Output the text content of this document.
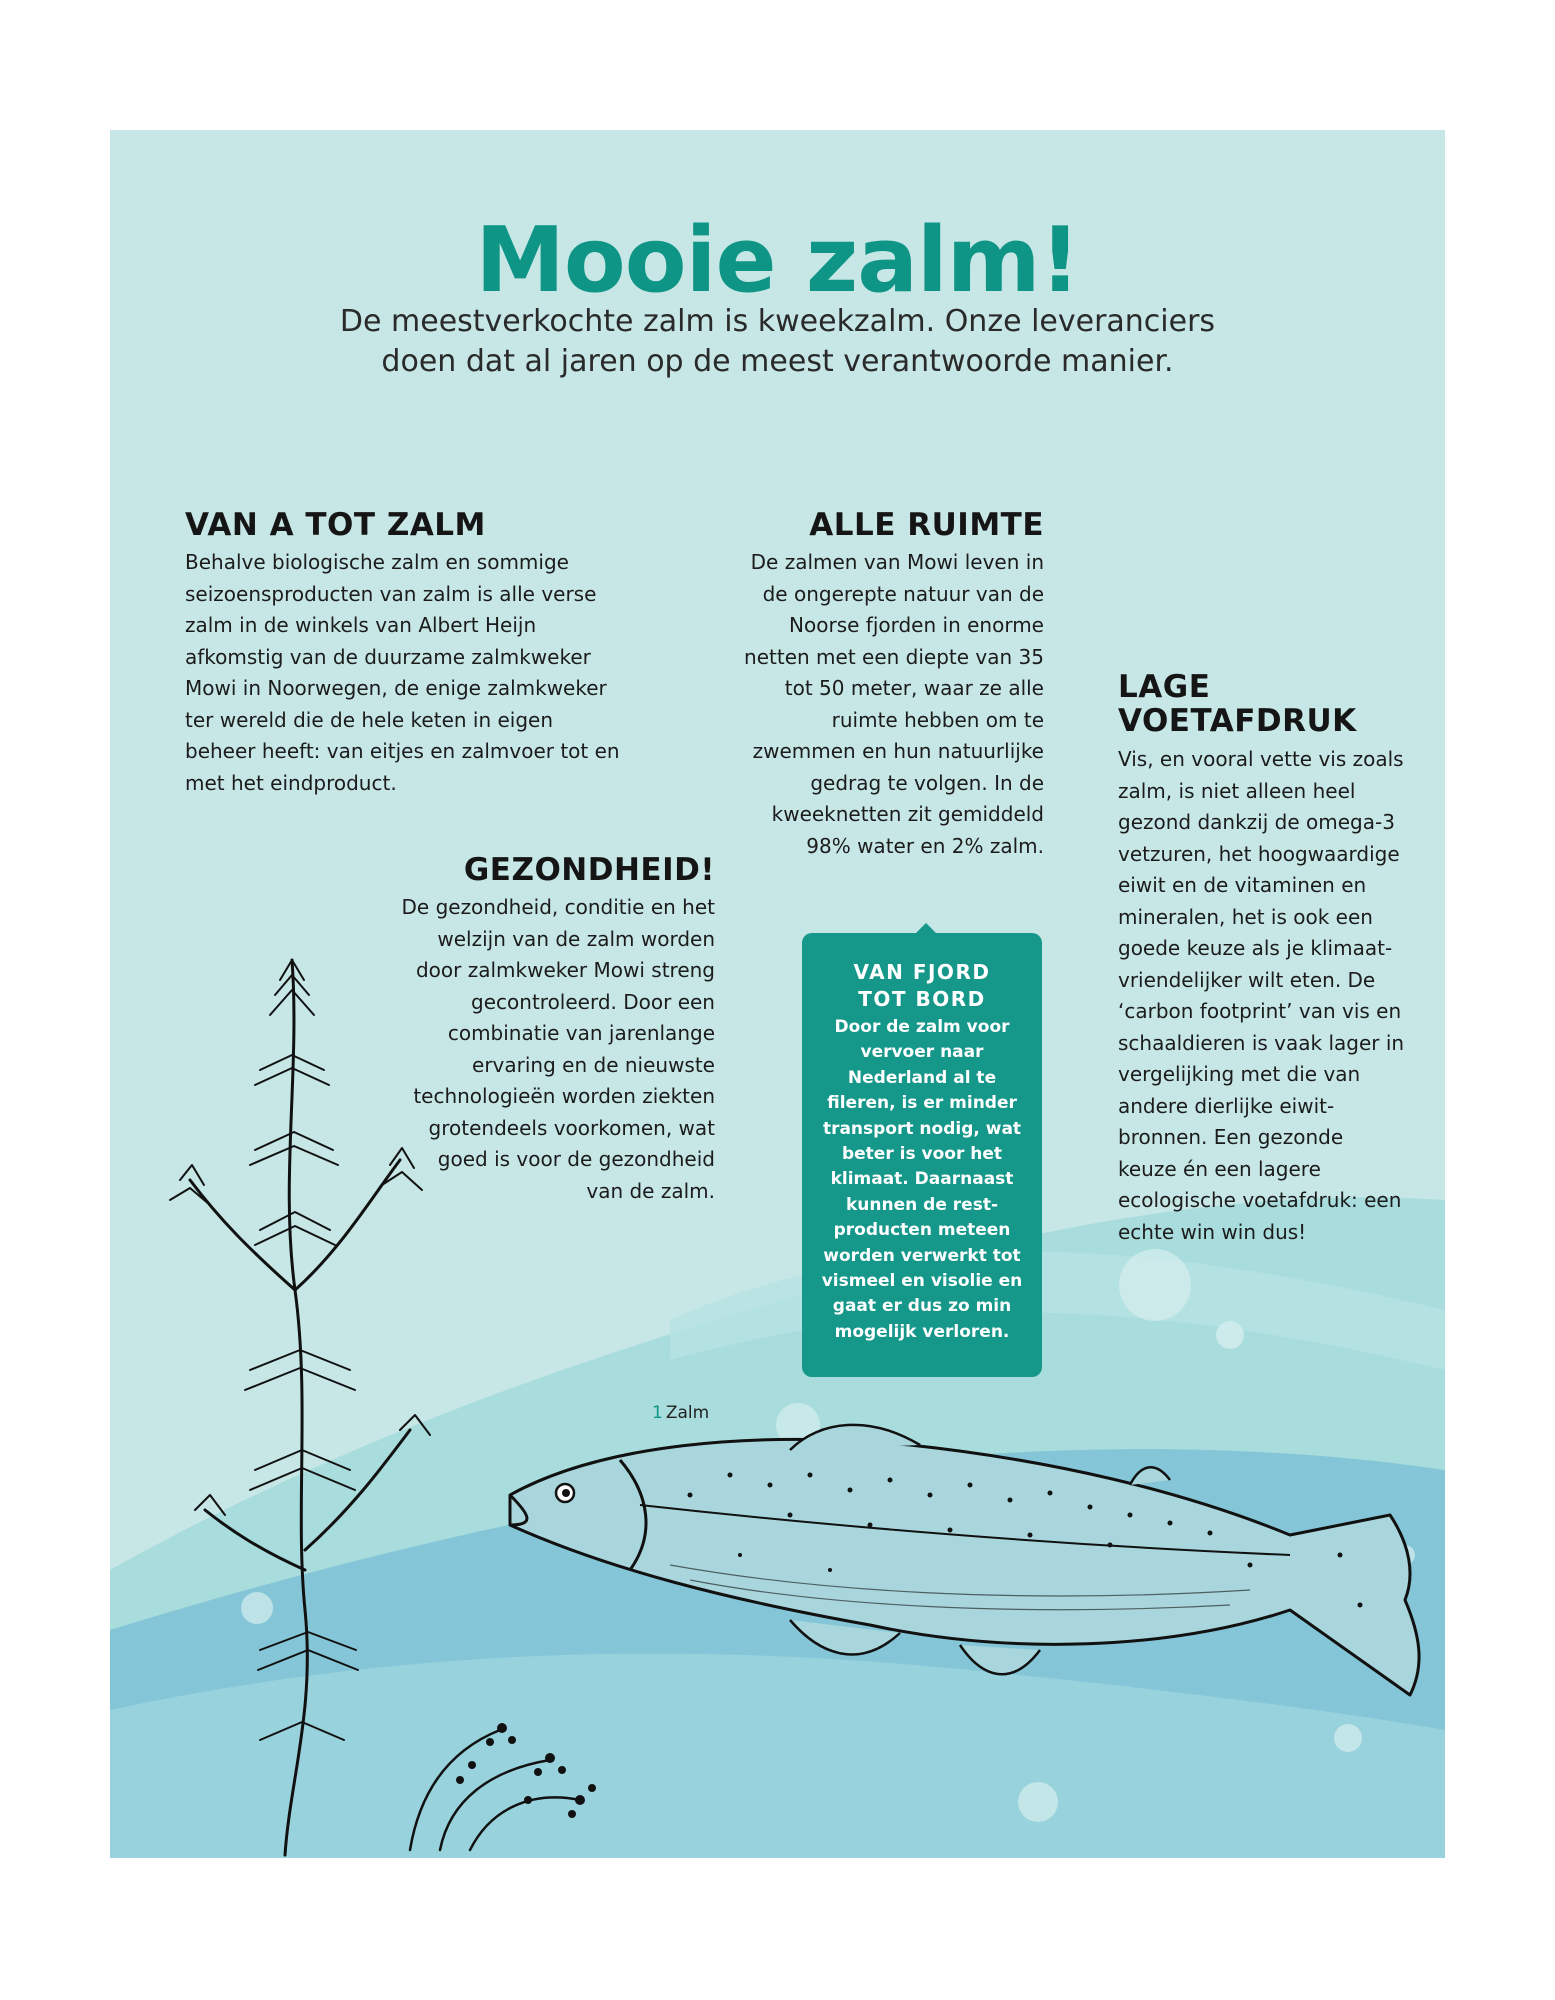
Mooie zalm!
De meestverkochte zalm is kweekzalm. Onze leveranciers
doen dat al jaren op de meest verantwoorde manier.
VAN A TOT ZALM

Behalve biologische zalm en sommige seizoensproducten van zalm is alle verse zalm in de winkels van Albert Heijn afkomstig van de duurzame zalmkweker Mowi in Noorwegen, de enige zalmkweker ter wereld die de hele keten in eigen beheer heeft: van eitjes en zalmvoer tot en met het eindproduct.

ALLE RUIMTE

De zalmen van Mowi leven in de ongerepte natuur van de Noorse fjorden in enorme netten met een diepte van 35 tot 50 meter, waar ze alle ruimte hebben om te zwemmen en hun natuurlijke gedrag te volgen. In de kweeknetten zit gemiddeld 98% water en 2% zalm.

GEZONDHEID!

De gezondheid, conditie en het welzijn van de zalm worden door zalmkweker Mowi streng gecontroleerd. Door een combinatie van jarenlange ervaring en de nieuwste technologieën worden ziekten grotendeels voorkomen, wat goed is voor de gezondheid van de zalm.

LAGE
VOETAFDRUK

Vis, en vooral vette vis zoals zalm, is niet alleen heel gezond dankzij de omega-3 vetzuren, het hoogwaardige eiwit en de vitaminen en mineralen, het is ook een goede keuze als je klimaat-vriendelijker wilt eten. De ‘carbon footprint’ van vis en schaaldieren is vaak lager in vergelijking met die van andere dierlijke eiwit-bronnen. Een gezonde keuze én een lagere ecologische voetafdruk: een echte win win dus!

VAN FJORD
TOT BORD

Door de zalm voor vervoer naar Nederland al te fileren, is er minder transport nodig, wat beter is voor het klimaat. Daarnaast kunnen de rest-producten meteen worden verwerkt tot vismeel en visolie en gaat er dus zo min mogelijk verloren.

1 Zalm
